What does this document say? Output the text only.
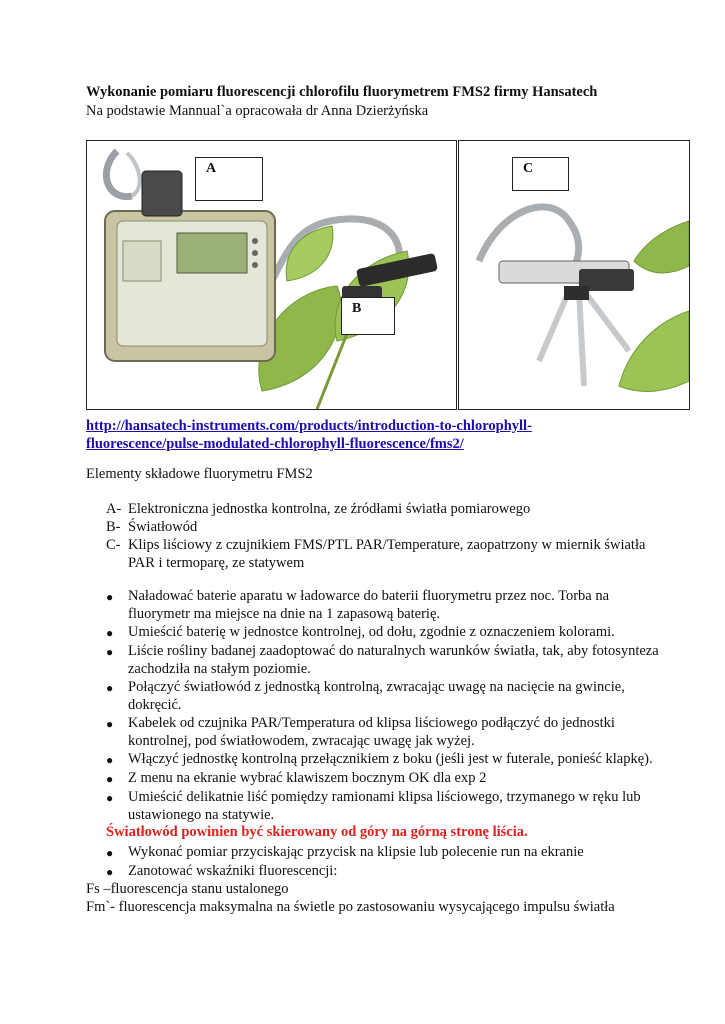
Wykonanie pomiaru fluorescencji chlorofilu fluorymetrem FMS2 firmy Hansatech
Na podstawie Mannual`a opracowała dr Anna Dzierżyńska
A
B
C
http://hansatech-instruments.com/products/introduction-to-chlorophyll-
fluorescence/pulse-modulated-chlorophyll-fluorescence/fms2/
Elementy składowe fluorymetru FMS2
A- Elektroniczna jednostka kontrolna, ze źródłami światła pomiarowego
B- Światłowód
C- Klips liściowy z czujnikiem FMS/PTL PAR/Temperature, zaopatrzony w miernik światła PAR i termoparę, ze statywem
●	Naładować baterie aparatu w ładowarce do baterii fluorymetru przez noc. Torba na fluorymetr ma miejsce na dnie na 1 zapasową baterię.
●	Umieścić baterię w jednostce kontrolnej, od dołu, zgodnie z oznaczeniem kolorami.
●	Liście rośliny badanej zaadoptować do naturalnych warunków światła, tak, aby fotosynteza zachodziła na stałym poziomie.
●	Połączyć światłowód z jednostką kontrolną, zwracając uwagę na nacięcie na gwincie, dokręcić.
●	Kabelek od czujnika PAR/Temperatura od klipsa liściowego podłączyć do jednostki kontrolnej, pod światłowodem, zwracając uwagę jak wyżej.
●	Włączyć jednostkę kontrolną przełącznikiem z boku (jeśli jest w futerale, ponieść klapkę).
●	Z menu na ekranie wybrać klawiszem bocznym OK dla exp 2
●	Umieścić delikatnie liść pomiędzy ramionami klipsa liściowego, trzymanego w ręku lub ustawionego na statywie.
Światłowód powinien być skierowany od góry na górną stronę liścia.
●	Wykonać pomiar przyciskając przycisk na klipsie lub polecenie run na ekranie
●	Zanotować wskaźniki fluorescencji:
Fs –fluorescencja stanu ustalonego
Fm`- fluorescencja maksymalna na świetle po zastosowaniu wysycającego impulsu światła
